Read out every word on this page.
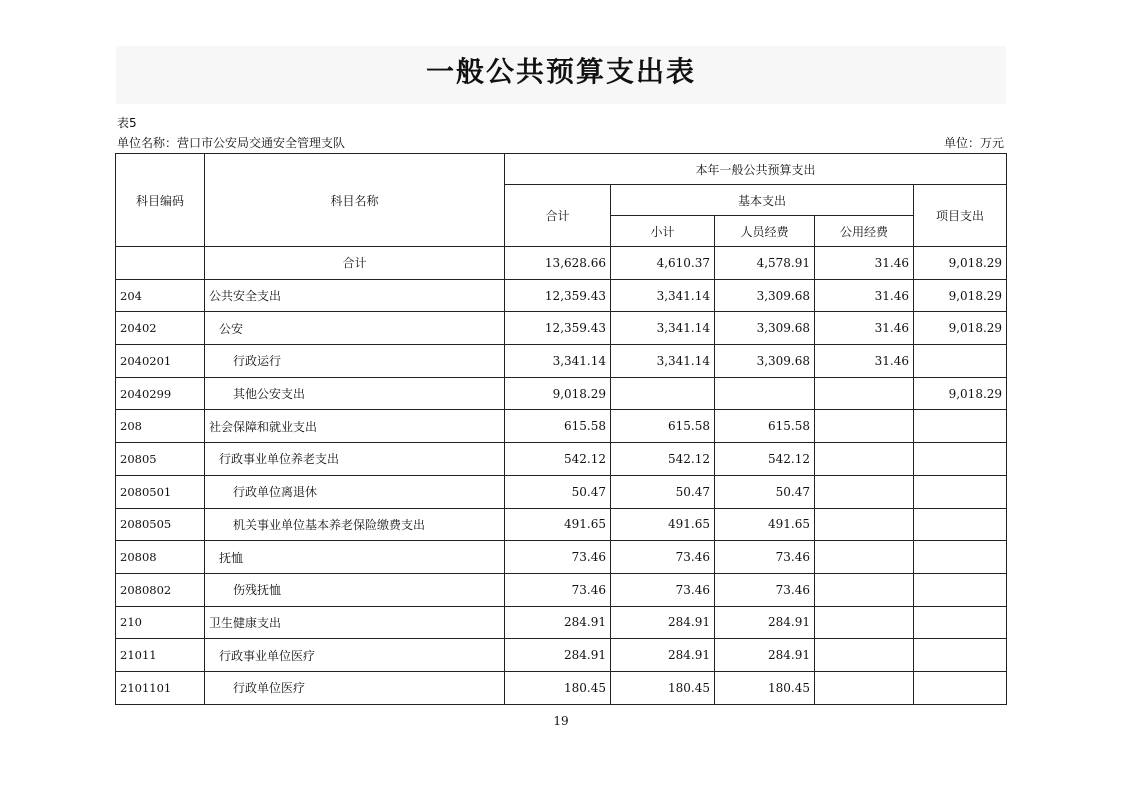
一般公共预算支出表
表5
单位名称：营口市公安局交通安全管理支队	单位：万元
科目编码	科目名称	本年一般公共预算支出				
		合计	基本支出			项目支出
			小计	人员经费	公用经费	
	合计	13,628.66	4,610.37	4,578.91	31.46	9,018.29
204	公共安全支出	12,359.43	3,341.14	3,309.68	31.46	9,018.29
20402	公安	12,359.43	3,341.14	3,309.68	31.46	9,018.29
2040201	行政运行	3,341.14	3,341.14	3,309.68	31.46	
2040299	其他公安支出	9,018.29				9,018.29
208	社会保障和就业支出	615.58	615.58	615.58		
20805	行政事业单位养老支出	542.12	542.12	542.12		
2080501	行政单位离退休	50.47	50.47	50.47		
2080505	机关事业单位基本养老保险缴费支出	491.65	491.65	491.65		
20808	抚恤	73.46	73.46	73.46		
2080802	伤残抚恤	73.46	73.46	73.46		
210	卫生健康支出	284.91	284.91	284.91		
21011	行政事业单位医疗	284.91	284.91	284.91		
2101101	行政单位医疗	180.45	180.45	180.45		
19
